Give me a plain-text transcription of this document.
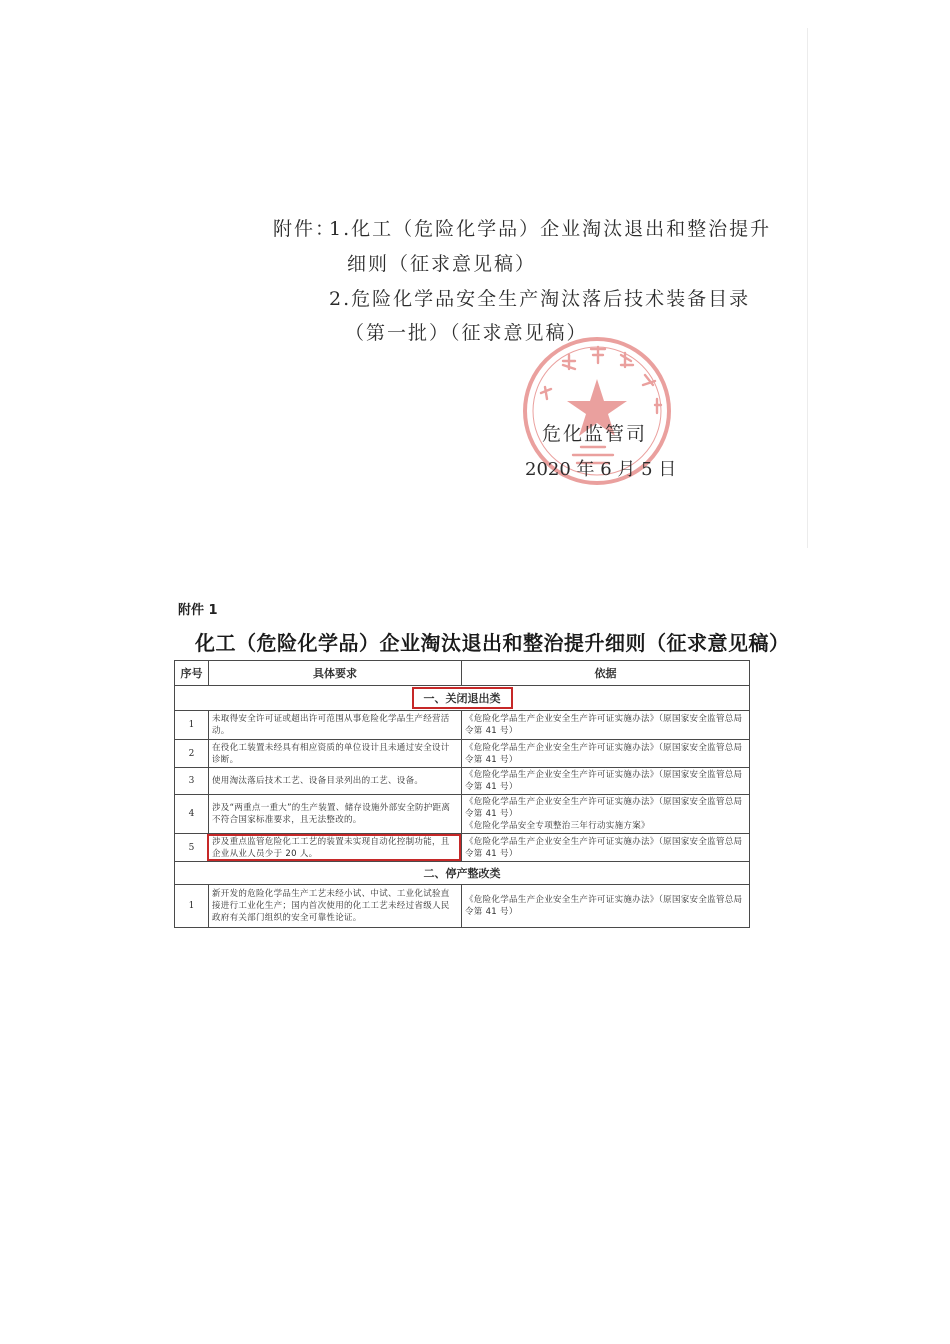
附件：
1.化工（危险化学品）企业淘汰退出和整治提升
细则（征求意见稿）
2.危险化学品安全生产淘汰落后技术装备目录
（第一批）（征求意见稿）
危化监管司
2020 年 6 月 5 日
附件 1
化工（危险化学品）企业淘汰退出和整治提升细则（征求意见稿）
序号	具体要求	依据
一、关闭退出类		
1	未取得安全许可证或超出许可范围从事危险化学品生产经营活动。	《危险化学品生产企业安全生产许可证实施办法》（原国家安全监管总局令第 41 号）

2	在役化工装置未经具有相应资质的单位设计且未通过安全设计诊断。	《危险化学品生产企业安全生产许可证实施办法》（原国家安全监管总局令第 41 号）

3	使用淘汰落后技术工艺、设备目录列出的工艺、设备。	《危险化学品生产企业安全生产许可证实施办法》（原国家安全监管总局令第 41 号）

4	涉及“两重点一重大”的生产装置、储存设施外部安全防护距离不符合国家标准要求，且无法整改的。	《危险化学品生产企业安全生产许可证实施办法》（原国家安全监管总局令第 41 号）
《危险化学品安全专项整治三年行动实施方案》

5	涉及重点监管危险化工工艺的装置未实现自动化控制功能，且企业从业人员少于 20 人。	《危险化学品生产企业安全生产许可证实施办法》（原国家安全监管总局令第 41 号）

二、停产整改类		
1	新开发的危险化学品生产工艺未经小试、中试、工业化试验直接进行工业化生产；国内首次使用的化工工艺未经过省级人民政府有关部门组织的安全可靠性论证。	《危险化学品生产企业安全生产许可证实施办法》（原国家安全监管总局令第 41 号）
